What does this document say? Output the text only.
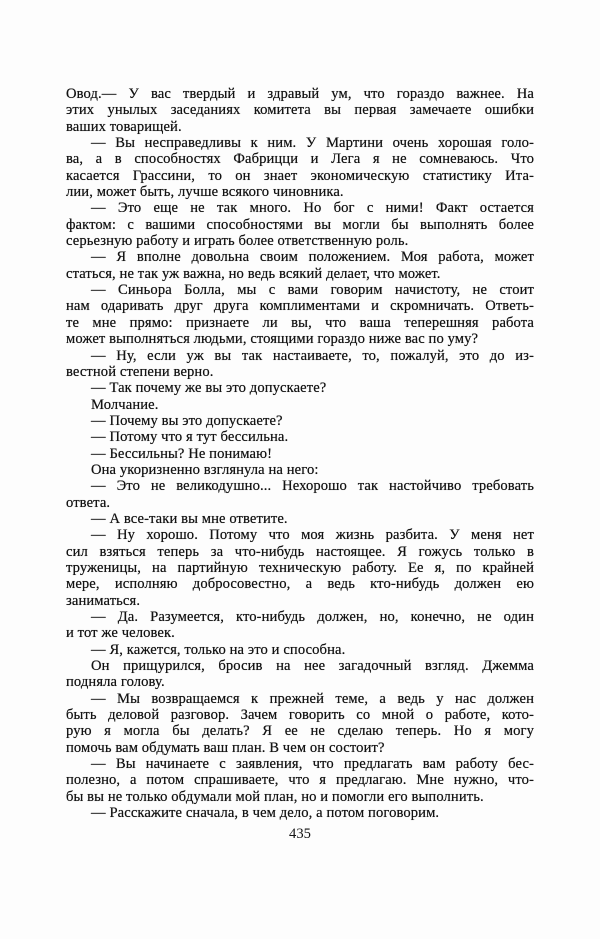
Овод.— У вас твердый и здравый ум, что гораздо важнее. На
этих унылых заседаниях комитета вы первая замечаете ошибки
ваших товарищей.
— Вы несправедливы к ним. У Мартини очень хорошая голо-
ва, а в способностях Фабрицци и Лега я не сомневаюсь. Что
касается Грассини, то он знает экономическую статистику Ита-
лии, может быть, лучше всякого чиновника.
— Это еще не так много. Но бог с ними! Факт остается
фактом: с вашими способностями вы могли бы выполнять более
серьезную работу и играть более ответственную роль.
— Я вполне довольна своим положением. Моя работа, может
статься, не так уж важна, но ведь всякий делает, что может.
— Синьора Болла, мы с вами говорим начистоту, не стоит
нам одаривать друг друга комплиментами и скромничать. Ответь-
те мне прямо: признаете ли вы, что ваша теперешняя работа
может выполняться людьми, стоящими гораздо ниже вас по уму?
— Ну, если уж вы так настаиваете, то, пожалуй, это до из-
вестной степени верно.
— Так почему же вы это допускаете?
Молчание.
— Почему вы это допускаете?
— Потому что я тут бессильна.
— Бессильны? Не понимаю!
Она укоризненно взглянула на него:
— Это не великодушно... Нехорошо так настойчиво требовать
ответа.
— А все-таки вы мне ответите.
— Ну хорошо. Потому что моя жизнь разбита. У меня нет
сил взяться теперь за что-нибудь настоящее. Я гожусь только в
труженицы, на партийную техническую работу. Ее я, по крайней
мере, исполняю добросовестно, а ведь кто-нибудь должен ею
заниматься.
— Да. Разумеется, кто-нибудь должен, но, конечно, не один
и тот же человек.
— Я, кажется, только на это и способна.
Он прищурился, бросив на нее загадочный взгляд. Джемма
подняла голову.
— Мы возвращаемся к прежней теме, а ведь у нас должен
быть деловой разговор. Зачем говорить со мной о работе, кото-
рую я могла бы делать? Я ее не сделаю теперь. Но я могу
помочь вам обдумать ваш план. В чем он состоит?
— Вы начинаете с заявления, что предлагать вам работу бес-
полезно, а потом спрашиваете, что я предлагаю. Мне нужно, что-
бы вы не только обдумали мой план, но и помогли его выполнить.
— Расскажите сначала, в чем дело, а потом поговорим.
435
